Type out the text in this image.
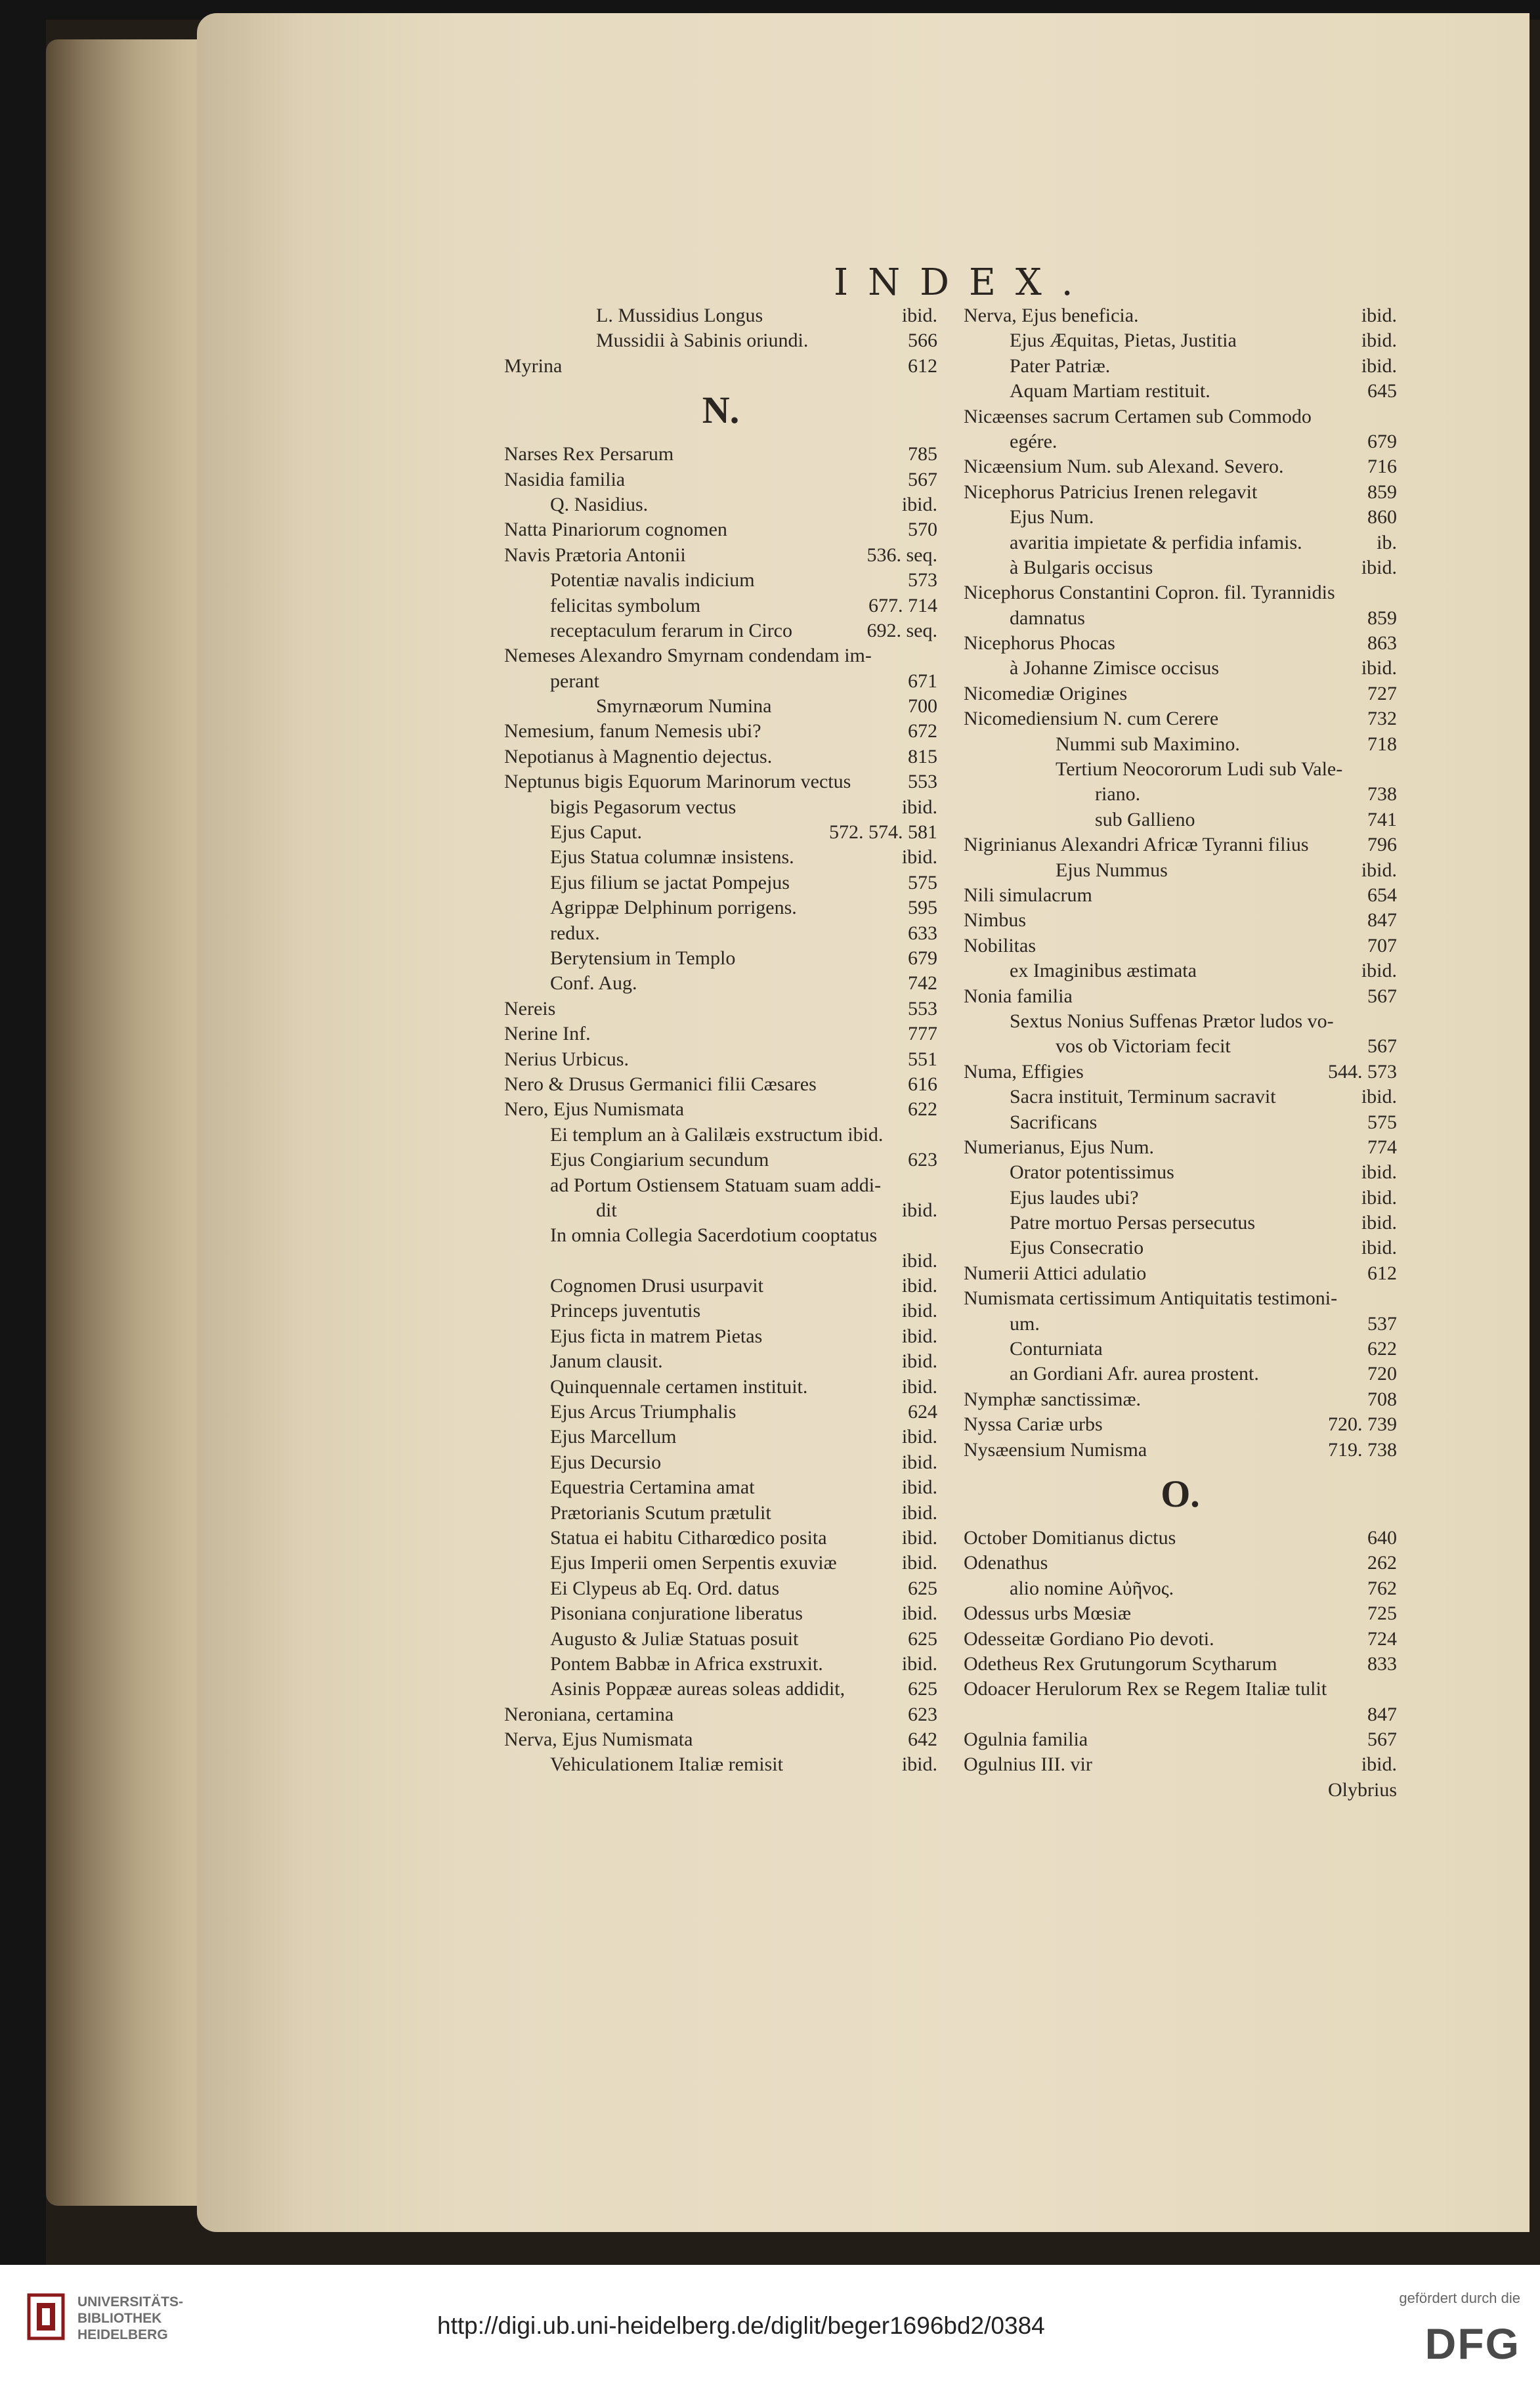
INDEX.
L. Mussidius Longus	ibid.
Mussidii à Sabinis oriundi.	566
Myrina	612
N.
Narses Rex Persarum	785
Nasidia familia	567
Q. Nasidius.	ibid.
Natta Pinariorum cognomen	570
Navis Prætoria Antonii	536. seq.
Potentiæ navalis indicium	573
felicitas symbolum	677. 714
receptaculum ferarum in Circo	692. seq.
Nemeses Alexandro Smyrnam condendam im-
perant	671
Smyrnæorum Numina	700
Nemesium, fanum Nemesis ubi?	672
Nepotianus à Magnentio dejectus.	815
Neptunus bigis Equorum Marinorum vectus	553
bigis Pegasorum vectus	ibid.
Ejus Caput.	572. 574. 581
Ejus Statua columnæ insistens.	ibid.
Ejus filium se jactat Pompejus	575
Agrippæ Delphinum porrigens.	595
redux.	633
Berytensium in Templo	679
Conf. Aug.	742
Nereis	553
Nerine Inf.	777
Nerius Urbicus.	551
Nero & Drusus Germanici filii Cæsares	616
Nero, Ejus Numismata	622
Ei templum an à Galilæis exstructum ibid.
Ejus Congiarium secundum	623
ad Portum Ostiensem Statuam suam addi-
dit	ibid.
In omnia Collegia Sacerdotium cooptatus
ibid.
Cognomen Drusi usurpavit	ibid.
Princeps juventutis	ibid.
Ejus ficta in matrem Pietas	ibid.
Janum clausit.	ibid.
Quinquennale certamen instituit.	ibid.
Ejus Arcus Triumphalis	624
Ejus Marcellum	ibid.
Ejus Decursio	ibid.
Equestria Certamina amat	ibid.
Prætorianis Scutum prætulit	ibid.
Statua ei habitu Citharœdico posita	ibid.
Ejus Imperii omen Serpentis exuviæ	ibid.
Ei Clypeus ab Eq. Ord. datus	625
Pisoniana conjuratione liberatus	ibid.
Augusto & Juliæ Statuas posuit	625
Pontem Babbæ in Africa exstruxit.	ibid.
Asinis Poppææ aureas soleas addidit,	625
Neroniana, certamina	623
Nerva, Ejus Numismata	642
Vehiculationem Italiæ remisit	ibid.
Nerva, Ejus beneficia.	ibid.
Ejus Æquitas, Pietas, Justitia	ibid.
Pater Patriæ.	ibid.
Aquam Martiam restituit.	645
Nicæenses sacrum Certamen sub Commodo
egére.	679
Nicæensium Num. sub Alexand. Severo.	716
Nicephorus Patricius Irenen relegavit	859
Ejus Num.	860
avaritia impietate & perfidia infamis.	ib.
à Bulgaris occisus	ibid.
Nicephorus Constantini Copron. fil. Tyrannidis
damnatus	859
Nicephorus Phocas	863
à Johanne Zimisce occisus	ibid.
Nicomediæ Origines	727
Nicomediensium N. cum Cerere	732
Nummi sub Maximino.	718
Tertium Neocororum Ludi sub Vale-
riano.	738
sub Gallieno	741
Nigrinianus Alexandri Africæ Tyranni filius	796
Ejus Nummus	ibid.
Nili simulacrum	654
Nimbus	847
Nobilitas	707
ex Imaginibus æstimata	ibid.
Nonia familia	567
Sextus Nonius Suffenas Prætor ludos vo-
vos ob Victoriam fecit	567
Numa, Effigies	544. 573
Sacra instituit, Terminum sacravit	ibid.
Sacrificans	575
Numerianus, Ejus Num.	774
Orator potentissimus	ibid.
Ejus laudes ubi?	ibid.
Patre mortuo Persas persecutus	ibid.
Ejus Consecratio	ibid.
Numerii Attici adulatio	612
Numismata certissimum Antiquitatis testimoni-
um.	537
Conturniata	622
an Gordiani Afr. aurea prostent.	720
Nymphæ sanctissimæ.	708
Nyssa Cariæ urbs	720. 739
Nysæensium Numisma	719. 738
O.
October Domitianus dictus	640
Odenathus	262
alio nomine Αὐῆνος.	762
Odessus urbs Mœsiæ	725
Odesseitæ Gordiano Pio devoti.	724
Odetheus Rex Grutungorum Scytharum	833
Odoacer Herulorum Rex se Regem Italiæ tulit
847
Ogulnia familia	567
Ogulnius III. vir	ibid.
Olybrius
UNIVERSITÄTS-
BIBLIOTHEK
HEIDELBERG	http://digi.ub.uni-heidelberg.de/diglit/beger1696bd2/0384
gefördert durch die
DFG
